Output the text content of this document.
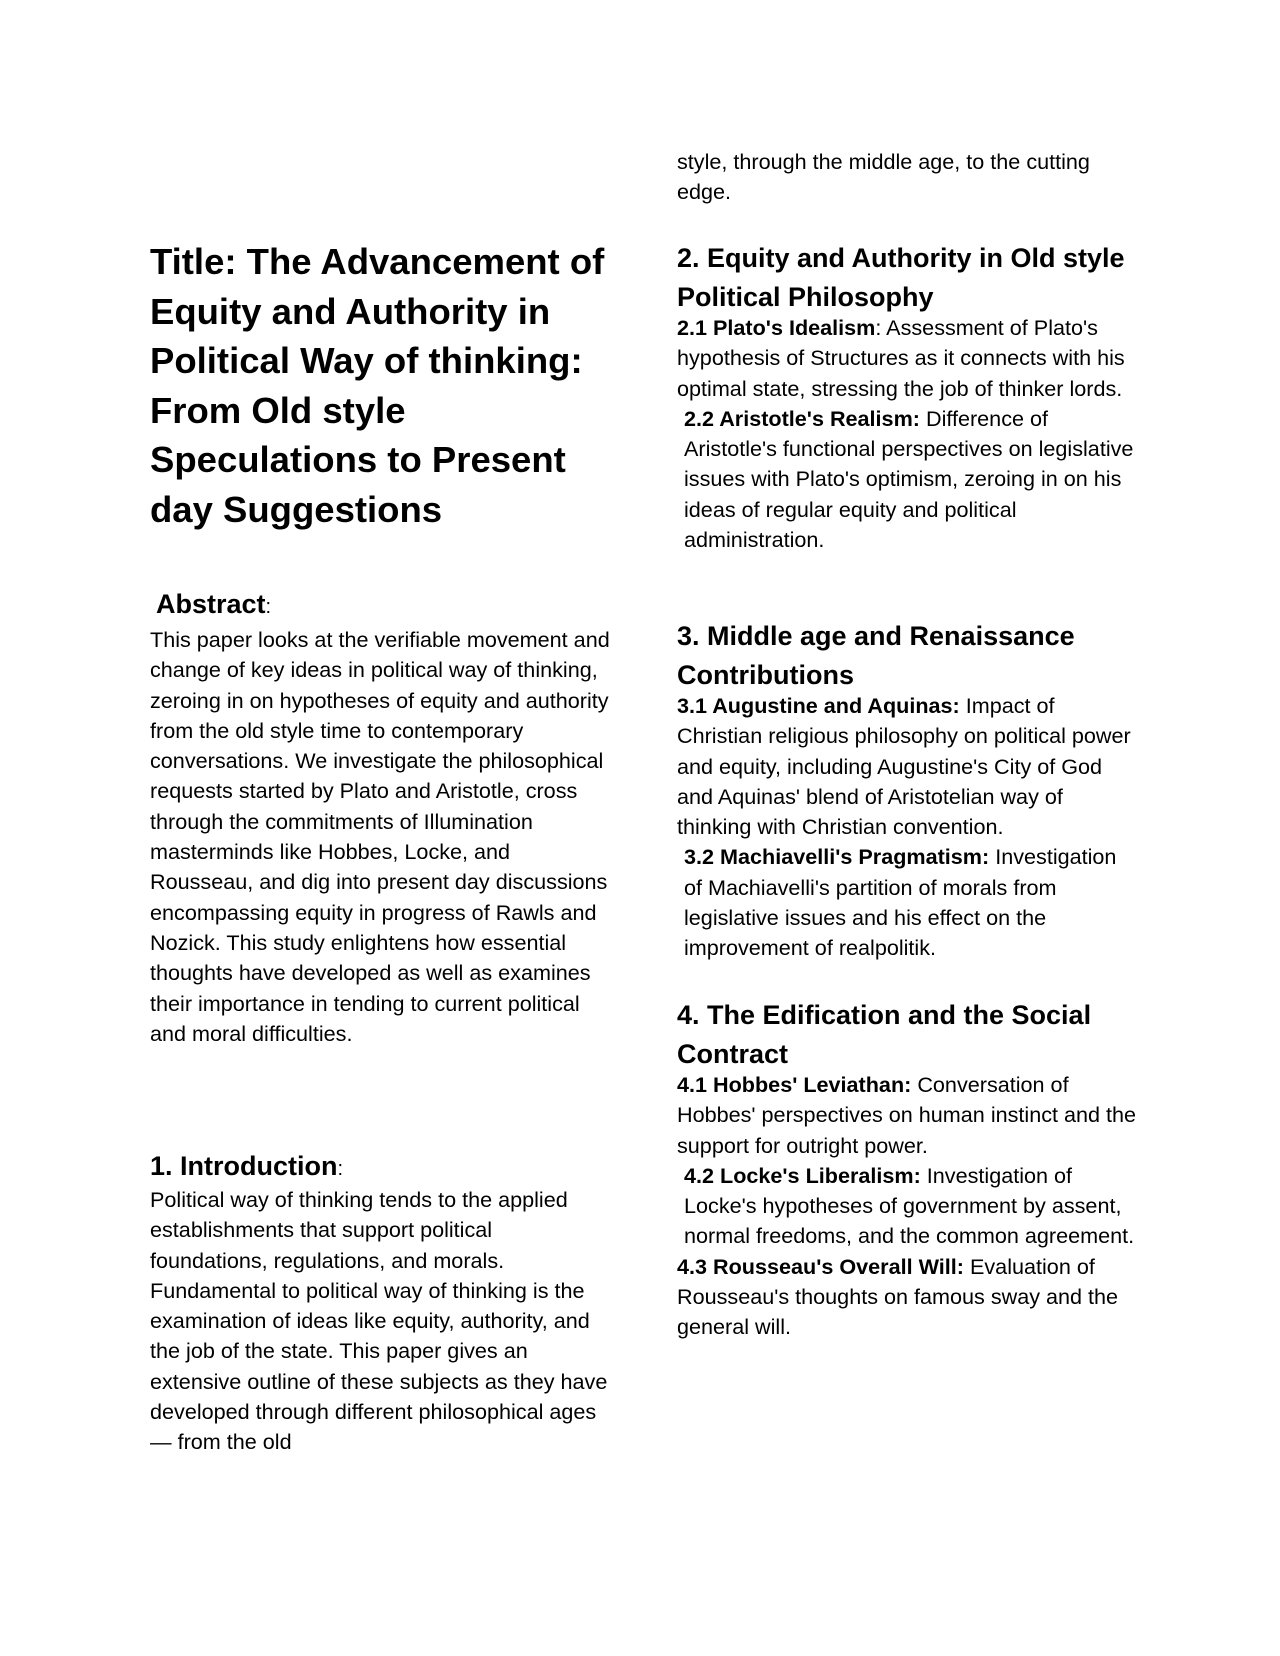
Title: The Advancement of Equity and Authority in Political Way of thinking: From Old style Speculations to Present day Suggestions
Abstract:

This paper looks at the verifiable movement and change of key ideas in political way of thinking, zeroing in on hypotheses of equity and authority from the old style time to contemporary conversations. We investigate the philosophical requests started by Plato and Aristotle, cross through the commitments of Illumination masterminds like Hobbes, Locke, and Rousseau, and dig into present day discussions encompassing equity in progress of Rawls and Nozick. This study enlightens how essential thoughts have developed as well as examines their importance in tending to current political and moral difficulties.

1. Introduction:

Political way of thinking tends to the applied establishments that support political foundations, regulations, and morals. Fundamental to political way of thinking is the examination of ideas like equity, authority, and the job of the state. This paper gives an extensive outline of these subjects as they have developed through different philosophical ages — from the old

style, through the middle age, to the cutting edge.

2. Equity and Authority in Old style Political Philosophy

2.1 Plato's Idealism: Assessment of Plato's hypothesis of Structures as it connects with his optimal state, stressing the job of thinker lords.

2.2 Aristotle's Realism: Difference of Aristotle's functional perspectives on legislative issues with Plato's optimism, zeroing in on his ideas of regular equity and political administration.

3. Middle age and Renaissance Contributions

3.1 Augustine and Aquinas: Impact of Christian religious philosophy on political power and equity, including Augustine's City of God and Aquinas' blend of Aristotelian way of thinking with Christian convention.

3.2 Machiavelli's Pragmatism: Investigation of Machiavelli's partition of morals from legislative issues and his effect on the improvement of realpolitik.

4. The Edification and the Social Contract

4.1 Hobbes' Leviathan: Conversation of Hobbes' perspectives on human instinct and the support for outright power.

4.2 Locke's Liberalism: Investigation of Locke's hypotheses of government by assent, normal freedoms, and the common agreement.

4.3 Rousseau's Overall Will: Evaluation of Rousseau's thoughts on famous sway and the general will.
